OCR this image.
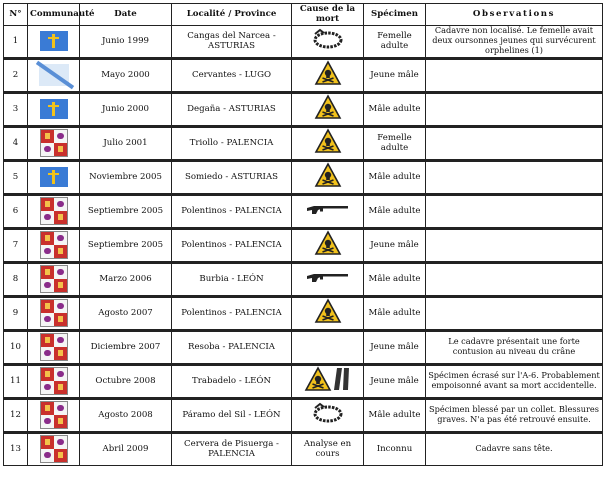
N°	Communauté	Date	Localité / Province	Cause de la mort	Spécimen	Observations
1		Junio 1999	Cangas del Narcea - ASTURIAS		Femelle adulte	Cadavre non localisé. Le femelle avait deux oursonnes jeunes qui survécurent orphelines (1)
2		Mayo 2000	Cervantes - LUGO		Jeune mâle	
3		Junio 2000	Degaña - ASTURIAS		Mâle adulte	
4		Julio 2001	Triollo - PALENCIA		Femelle adulte	
5		Noviembre 2005	Somiedo - ASTURIAS		Mâle adulte	
6		Septiembre 2005	Polentinos - PALENCIA		Mâle adulte	
7		Septiembre 2005	Polentinos - PALENCIA		Jeune mâle	
8		Marzo 2006	Burbia - LEÓN		Mâle adulte	
9		Agosto 2007	Polentinos - PALENCIA		Mâle adulte	
10		Diciembre 2007	Resoba - PALENCIA		Jeune mâle	Le cadavre présentait une forte contusion au niveau du crâne
11		Octubre 2008	Trabadelo - LEÓN		Jeune mâle	Spécimen écrasé sur l'A-6. Probablement empoisonné avant sa mort accidentelle.
12		Agosto 2008	Páramo del Sil - LEÓN		Mâle adulte	Spécimen blessé par un collet. Blessures graves. N'a pas été retrouvé ensuite.
13		Abril 2009	Cervera de Pisuerga - PALENCIA	Analyse en cours	Inconnu	Cadavre sans tête.
